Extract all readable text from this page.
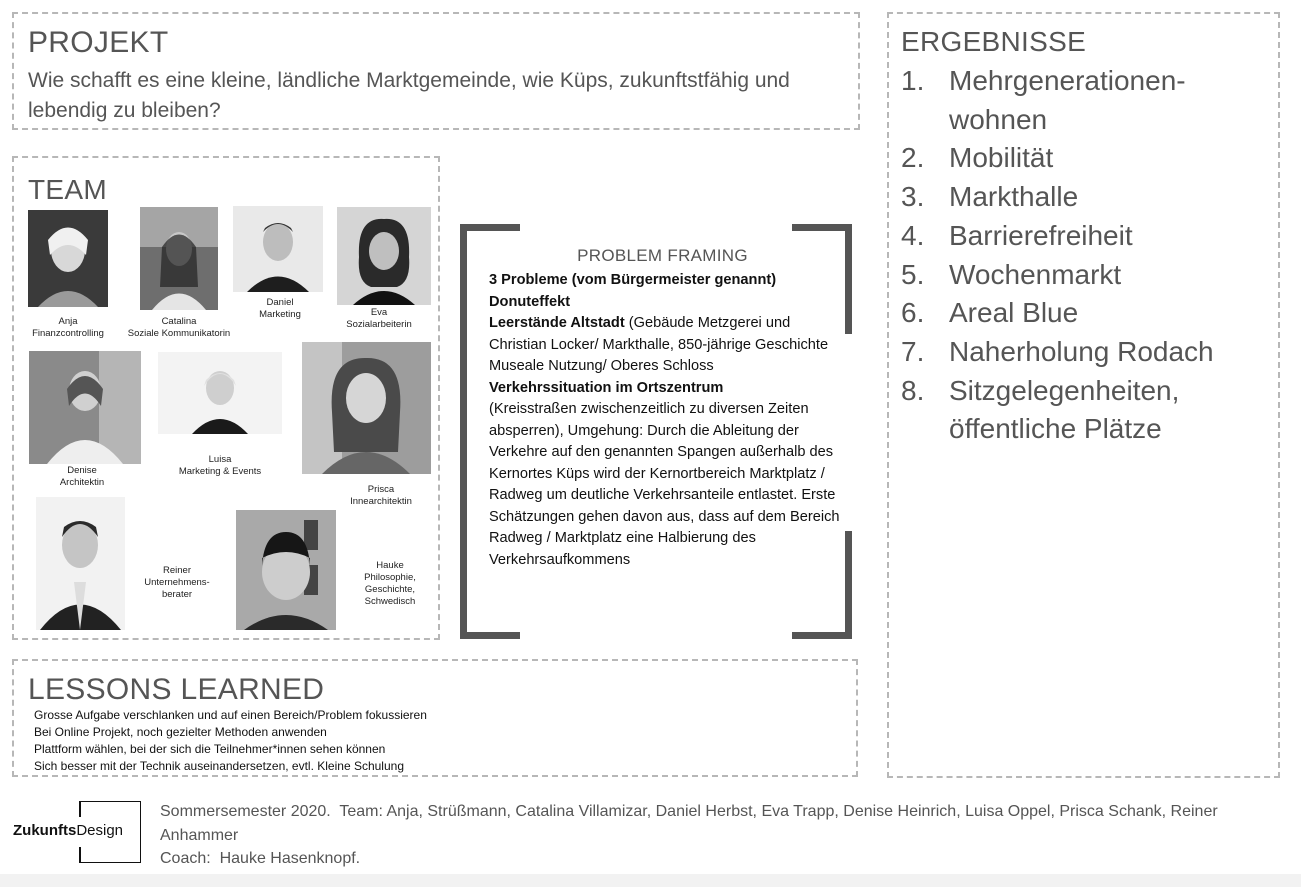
PROJEKT
Wie schafft es eine kleine, ländliche Marktgemeinde, wie Küps, zukunftstfähig und lebendig zu bleiben?
ERGEBNISSE
1. Mehrgenerationen-wohnen
2. Mobilität
3. Markthalle
4. Barrierefreiheit
5. Wochenmarkt
6. Areal Blue
7. Naherholung Rodach
8. Sitzgelegenheiten, öffentliche Plätze
TEAM
Anja
Finanzcontrolling
Catalina
Soziale Kommunikatorin
Daniel
Marketing	Eva
Sozialarbeiterin
Denise
Architektin
Luisa
Marketing & Events
Prisca
Innearchitektin
Reiner
Unternehmens-berater
Hauke
Philosophie, Geschichte, Schwedisch
PROBLEM FRAMING

3 Probleme (vom Bürgermeister genannt)

Donuteffekt

Leerstände Altstadt (Gebäude Metzgerei und Christian Locker/ Markthalle, 850-jährige Geschichte Museale Nutzung/ Oberes Schloss

Verkehrssituation im Ortszentrum

(Kreisstraßen zwischenzeitlich zu diversen Zeiten absperren), Umgehung: Durch die Ableitung der Verkehre auf den genannten Spangen außerhalb des Kernortes Küps wird der Kernortbereich Marktplatz / Radweg um deutliche Verkehrsanteile entlastet. Erste Schätzungen gehen davon aus, dass auf dem Bereich Radweg / Marktplatz eine Halbierung des Verkehrsaufkommens

LESSONS LEARNED
Grosse Aufgabe verschlanken und auf einen Bereich/Problem fokussieren
Bei Online Projekt, noch gezielter Methoden anwenden
Plattform wählen, bei der sich die Teilnehmer*innen sehen können
Sich besser mit der Technik auseinandersetzen, evtl. Kleine Schulung
ZukunftsDesign
Sommersemester 2020.  Team: Anja, Strüßmann, Catalina Villamizar, Daniel Herbst, Eva Trapp, Denise Heinrich, Luisa Oppel, Prisca Schank, Reiner Anhammer
Coach:  Hauke Hasenknopf.
